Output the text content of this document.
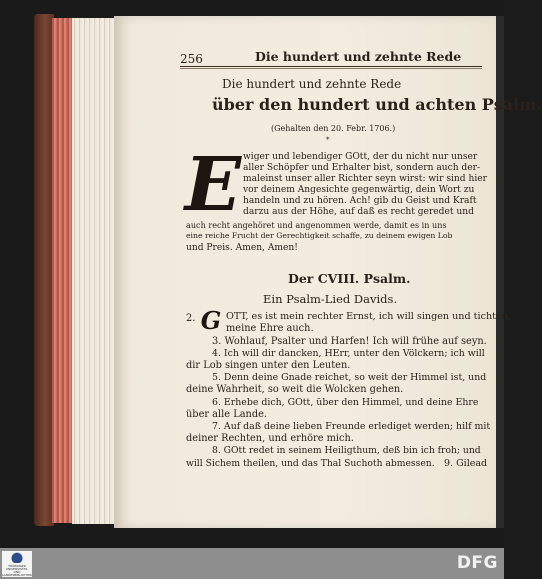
256	Die hundert und zehnte Rede
Die hundert und zehnte Rede
über den hundert und achten Psalm.
(Gehalten den 20. Febr. 1706.)
*
E wiger und lebendiger GOtt, der du nicht nur unser
aller Schöpfer und Erhalter bist, sondern auch der-
maleinst unser aller Richter seyn wirst: wir sind hier
vor deinem Angesichte gegenwärtig, dein Wort zu
handeln und zu hören. Ach! gib du Geist und Kraft
darzu aus der Höhe, auf daß es recht geredet und
auch recht angehöret und angenommen werde, damit es in uns
eine reiche Frucht der Gerechtigkeit schaffe, zu deinem ewigen Lob
und Preis. Amen, Amen!
Der CVIII. Psalm.
Ein Psalm-Lied Davids.
2. G OTT, es ist mein rechter Ernst, ich will singen und tichten,
meine Ehre auch.
3. Wohlauf, Psalter und Harfen! Ich will frühe auf seyn.
4. Ich will dir dancken, HErr, unter den Völckern; ich will
dir Lob singen unter den Leuten.
5. Denn deine Gnade reichet, so weit der Himmel ist, und
deine Wahrheit, so weit die Wolcken gehen.
6. Erhebe dich, GOtt, über den Himmel, und deine Ehre
über alle Lande.
7. Auf daß deine lieben Freunde erlediget werden; hilf mit
deiner Rechten, und erhöre mich.
8. GOtt redet in seinem Heiligthum, deß bin ich froh; und
will Sichem theilen, und das Thal Suchoth abmessen. 9. Gilead
THÜRINGER
UNIVERSITÄTS- UND
LANDESBIBLIOTHEK
DFG
